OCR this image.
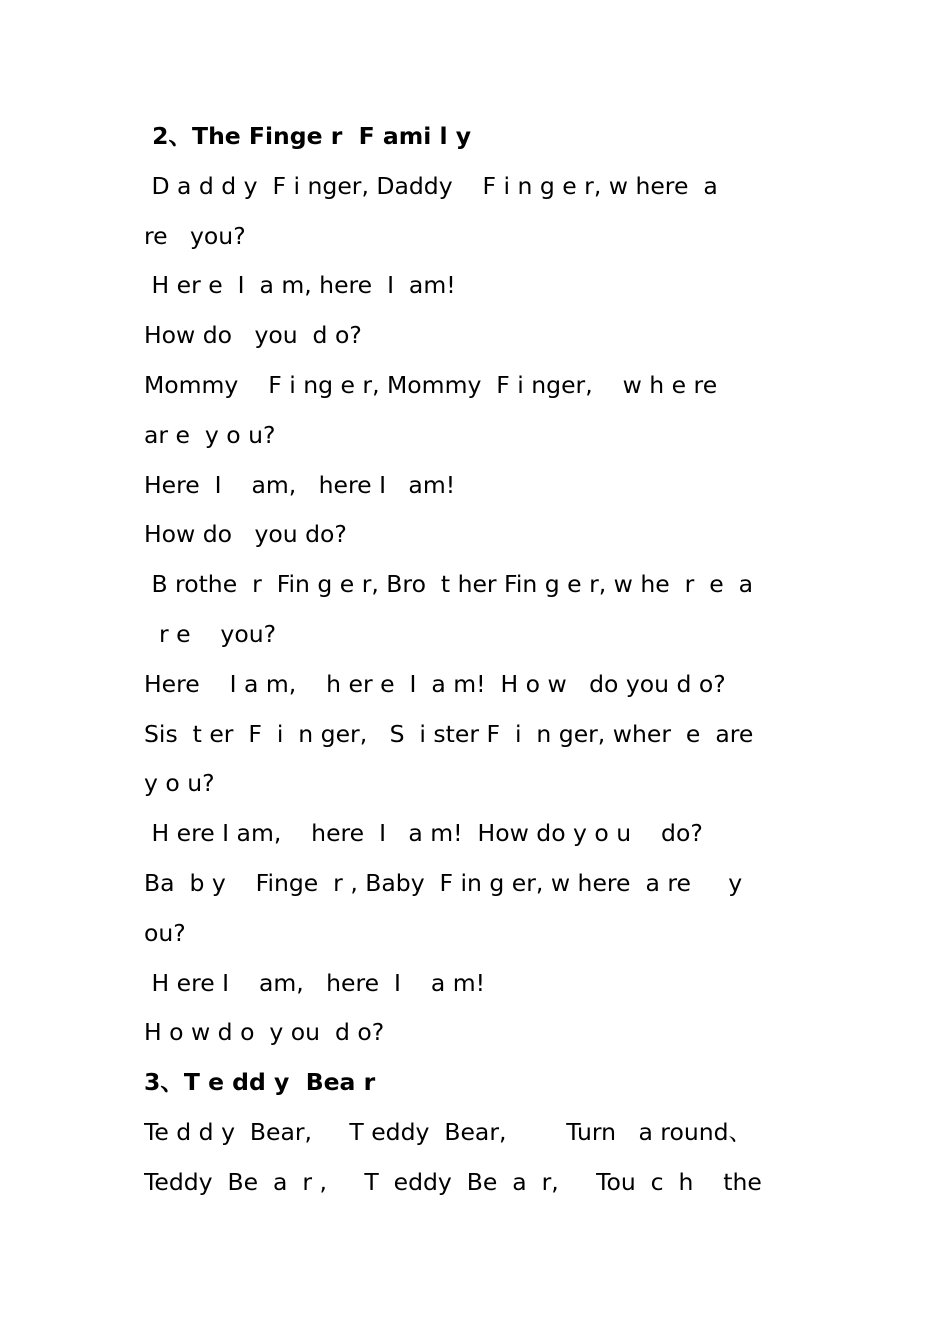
2、The Finge r  F ami l y
D a d d y  F i nger, Daddy    F i n g e r, w here  a
re   you?
H er e  I  a m, here  I  am!
How do   you  d o?
Mommy    F i ng e r, Mommy  F i nger,    w h e re
ar e  y o u?
Here  I    am,   here I   am!
How do   you do?
B rothe  r  Fin g e r, Bro  t her Fin g e r, w he  r  e  a
r e    you?
Here    I a m,    h er e  I  a m!  H o w   do you d o?
Sis  t er  F  i  n ger,   S  i ster F  i  n ger, wher  e  are
y o u?
H ere I am,    here  I   a m!  How do y o u    do?
Ba  b y    Finge  r , Baby  F in g er, w here  a re     y
ou?
H ere I    am,   here  I    a m!
H o w d o  y ou  d o?
3、T e dd y  Bea r
Te d d y  Bear,     T eddy  Bear,        Turn   a round、
Teddy  Be  a  r ,     T  eddy  Be  a  r,     Tou  c  h    the
